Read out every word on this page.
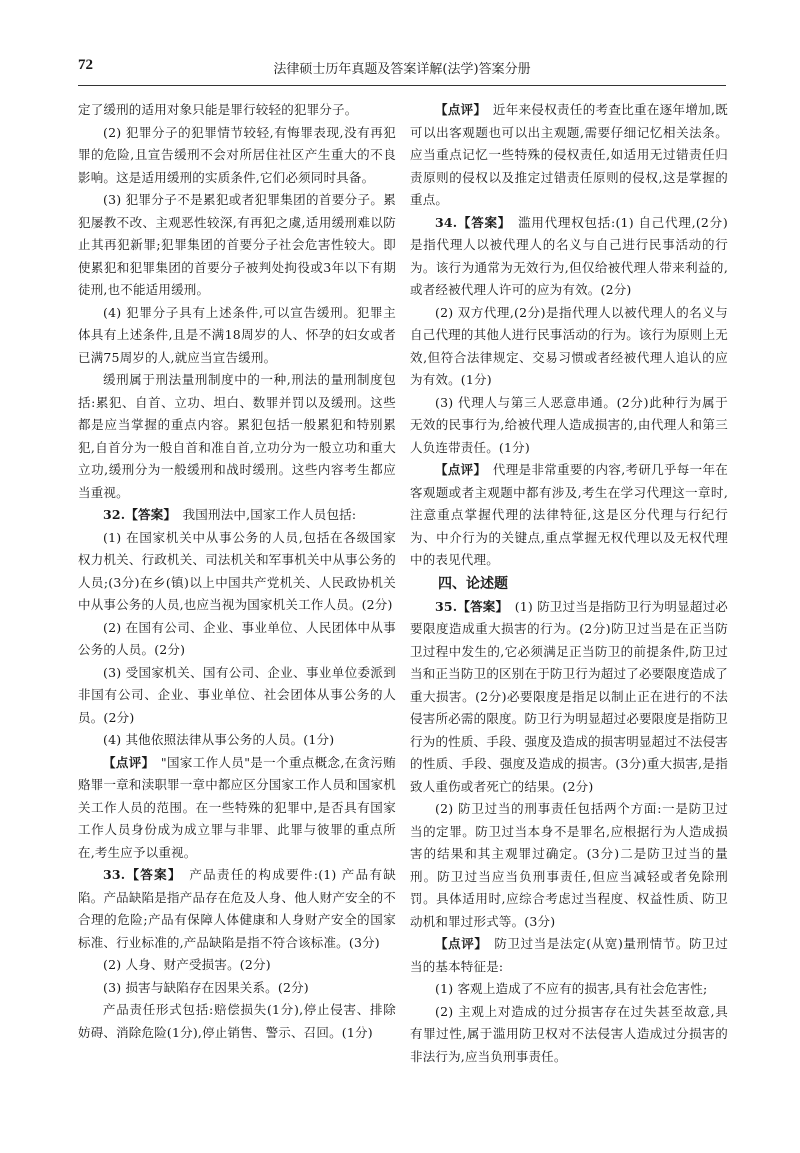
72	法律硕士历年真题及答案详解(法学)答案分册

定了缓刑的适用对象只能是罪行较轻的犯罪分子。

(2) 犯罪分子的犯罪情节较轻,有悔罪表现,没有再犯罪的危险,且宣告缓刑不会对所居住社区产生重大的不良影响。这是适用缓刑的实质条件,它们必须同时具备。

(3) 犯罪分子不是累犯或者犯罪集团的首要分子。累犯屡教不改、主观恶性较深,有再犯之虞,适用缓刑难以防止其再犯新罪;犯罪集团的首要分子社会危害性较大。即使累犯和犯罪集团的首要分子被判处拘役或3年以下有期徒刑,也不能适用缓刑。

(4) 犯罪分子具有上述条件,可以宣告缓刑。犯罪主体具有上述条件,且是不满18周岁的人、怀孕的妇女或者已满75周岁的人,就应当宣告缓刑。

缓刑属于刑法量刑制度中的一种,刑法的量刑制度包括:累犯、自首、立功、坦白、数罪并罚以及缓刑。这些都是应当掌握的重点内容。累犯包括一般累犯和特别累犯,自首分为一般自首和准自首,立功分为一般立功和重大立功,缓刑分为一般缓刑和战时缓刑。这些内容考生都应当重视。

32.【答案】  我国刑法中,国家工作人员包括:

(1) 在国家机关中从事公务的人员,包括在各级国家权力机关、行政机关、司法机关和军事机关中从事公务的人员;(3分)在乡(镇)以上中国共产党机关、人民政协机关中从事公务的人员,也应当视为国家机关工作人员。(2分)

(2) 在国有公司、企业、事业单位、人民团体中从事公务的人员。(2分)

(3) 受国家机关、国有公司、企业、事业单位委派到非国有公司、企业、事业单位、社会团体从事公务的人员。(2分)

(4) 其他依照法律从事公务的人员。(1分)

【点评】  "国家工作人员"是一个重点概念,在贪污贿赂罪一章和渎职罪一章中都应区分国家工作人员和国家机关工作人员的范围。在一些特殊的犯罪中,是否具有国家工作人员身份成为成立罪与非罪、此罪与彼罪的重点所在,考生应予以重视。

33.【答案】  产品责任的构成要件:(1) 产品有缺陷。产品缺陷是指产品存在危及人身、他人财产安全的不合理的危险;产品有保障人体健康和人身财产安全的国家标准、行业标准的,产品缺陷是指不符合该标准。(3分)

(2) 人身、财产受损害。(2分)

(3) 损害与缺陷存在因果关系。(2分)

产品责任形式包括:赔偿损失(1分),停止侵害、排除妨碍、消除危险(1分),停止销售、警示、召回。(1分)

【点评】  近年来侵权责任的考查比重在逐年增加,既可以出客观题也可以出主观题,需要仔细记忆相关法条。应当重点记忆一些特殊的侵权责任,如适用无过错责任归责原则的侵权以及推定过错责任原则的侵权,这是掌握的重点。

34.【答案】  滥用代理权包括:(1) 自己代理,(2分)是指代理人以被代理人的名义与自己进行民事活动的行为。该行为通常为无效行为,但仅给被代理人带来利益的,或者经被代理人许可的应为有效。(2分)

(2) 双方代理,(2分)是指代理人以被代理人的名义与自己代理的其他人进行民事活动的行为。该行为原则上无效,但符合法律规定、交易习惯或者经被代理人追认的应为有效。(1分)

(3) 代理人与第三人恶意串通。(2分)此种行为属于无效的民事行为,给被代理人造成损害的,由代理人和第三人负连带责任。(1分)

【点评】  代理是非常重要的内容,考研几乎每一年在客观题或者主观题中都有涉及,考生在学习代理这一章时,注意重点掌握代理的法律特征,这是区分代理与行纪行为、中介行为的关键点,重点掌握无权代理以及无权代理中的表见代理。

四、论述题

35.【答案】  (1) 防卫过当是指防卫行为明显超过必要限度造成重大损害的行为。(2分)防卫过当是在正当防卫过程中发生的,它必须满足正当防卫的前提条件,防卫过当和正当防卫的区别在于防卫行为超过了必要限度造成了重大损害。(2分)必要限度是指足以制止正在进行的不法侵害所必需的限度。防卫行为明显超过必要限度是指防卫行为的性质、手段、强度及造成的损害明显超过不法侵害的性质、手段、强度及造成的损害。(3分)重大损害,是指致人重伤或者死亡的结果。(2分)

(2) 防卫过当的刑事责任包括两个方面:一是防卫过当的定罪。防卫过当本身不是罪名,应根据行为人造成损害的结果和其主观罪过确定。(3分)二是防卫过当的量刑。防卫过当应当负刑事责任,但应当减轻或者免除刑罚。具体适用时,应综合考虑过当程度、权益性质、防卫动机和罪过形式等。(3分)

【点评】  防卫过当是法定(从宽)量刑情节。防卫过当的基本特征是:

(1) 客观上造成了不应有的损害,具有社会危害性;

(2) 主观上对造成的过分损害存在过失甚至故意,具有罪过性,属于滥用防卫权对不法侵害人造成过分损害的非法行为,应当负刑事责任。
